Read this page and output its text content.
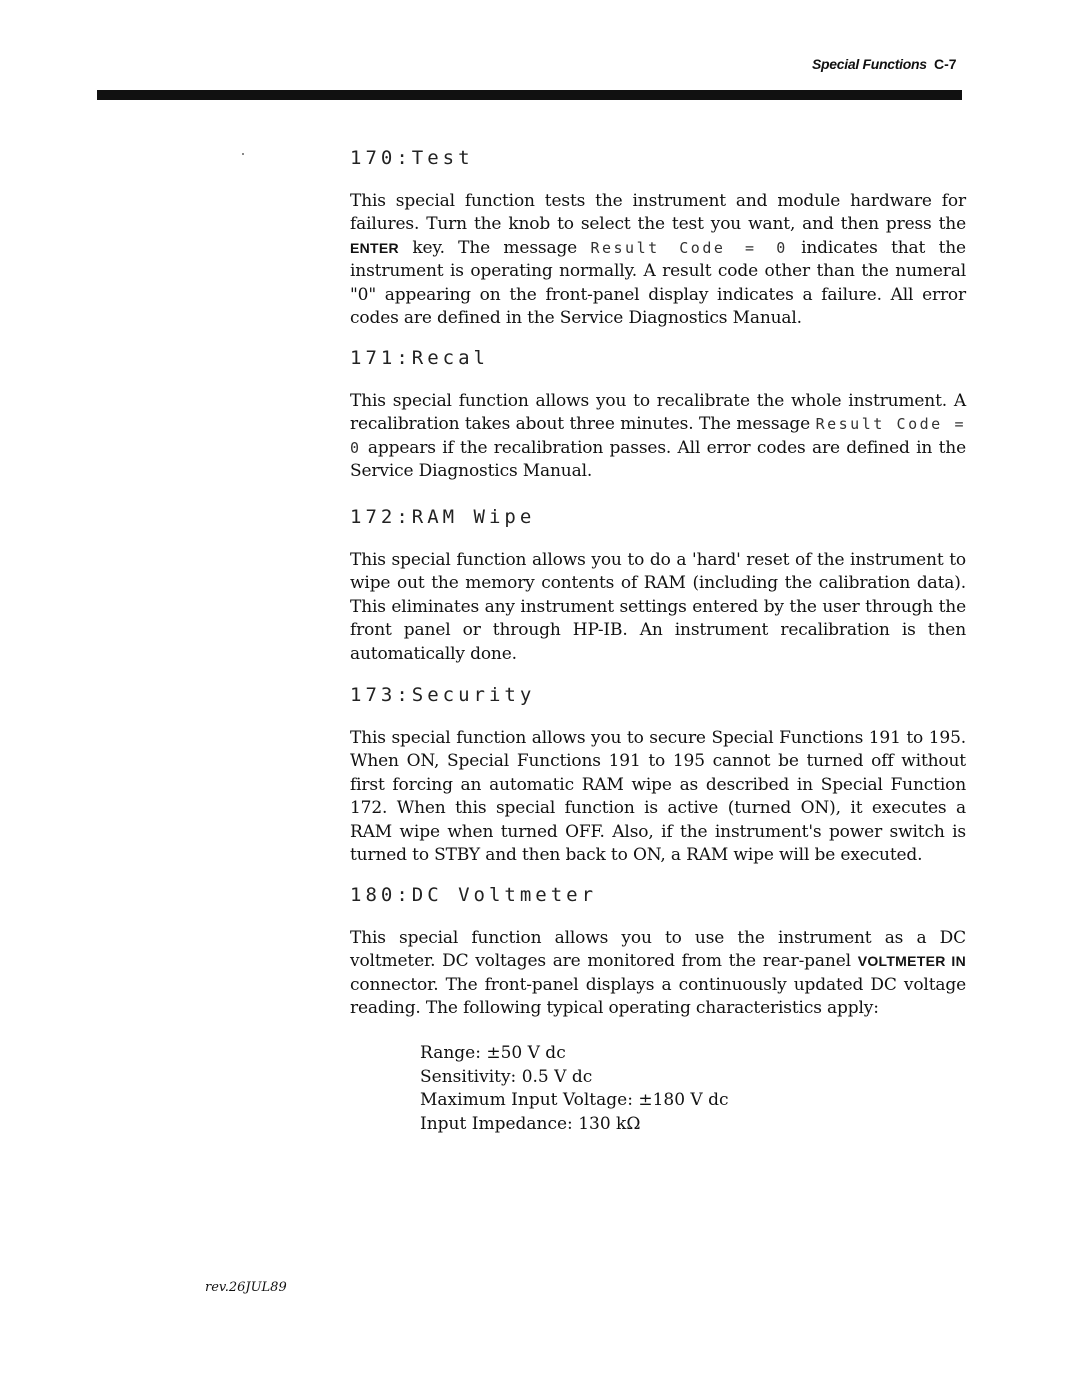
Special Functions C-7
170:Test

This special function tests the instrument and module hardware for failures. Turn the knob to select the test you want, and then press the ENTER key. The message Result Code = 0 indicates that the instrument is operating normally. A result code other than the numeral "0" appearing on the front-panel display indicates a failure. All error codes are defined in the Service Diagnostics Manual.

171:Recal

This special function allows you to recalibrate the whole instrument. A recalibration takes about three minutes. The message Result Code = 0 appears if the recalibration passes. All error codes are defined in the Service Diagnostics Manual.

172:RAM Wipe

This special function allows you to do a 'hard' reset of the instrument to wipe out the memory contents of RAM (including the calibration data). This eliminates any instrument settings entered by the user through the front panel or through HP-IB. An instrument recalibration is then automatically done.

173:Security

This special function allows you to secure Special Functions 191 to 195. When ON, Special Functions 191 to 195 cannot be turned off without first forcing an automatic RAM wipe as described in Special Function 172. When this special function is active (turned ON), it executes a RAM wipe when turned OFF. Also, if the instrument's power switch is turned to STBY and then back to ON, a RAM wipe will be executed.

180:DC Voltmeter

This special function allows you to use the instrument as a DC voltmeter. DC voltages are monitored from the rear-panel VOLTMETER IN connector. The front-panel displays a continuously updated DC voltage reading. The following typical operating characteristics apply:

Range: ±50 V dc
Sensitivity: 0.5 V dc
Maximum Input Voltage: ±180 V dc
Input Impedance: 130 kΩ
rev.26JUL89
